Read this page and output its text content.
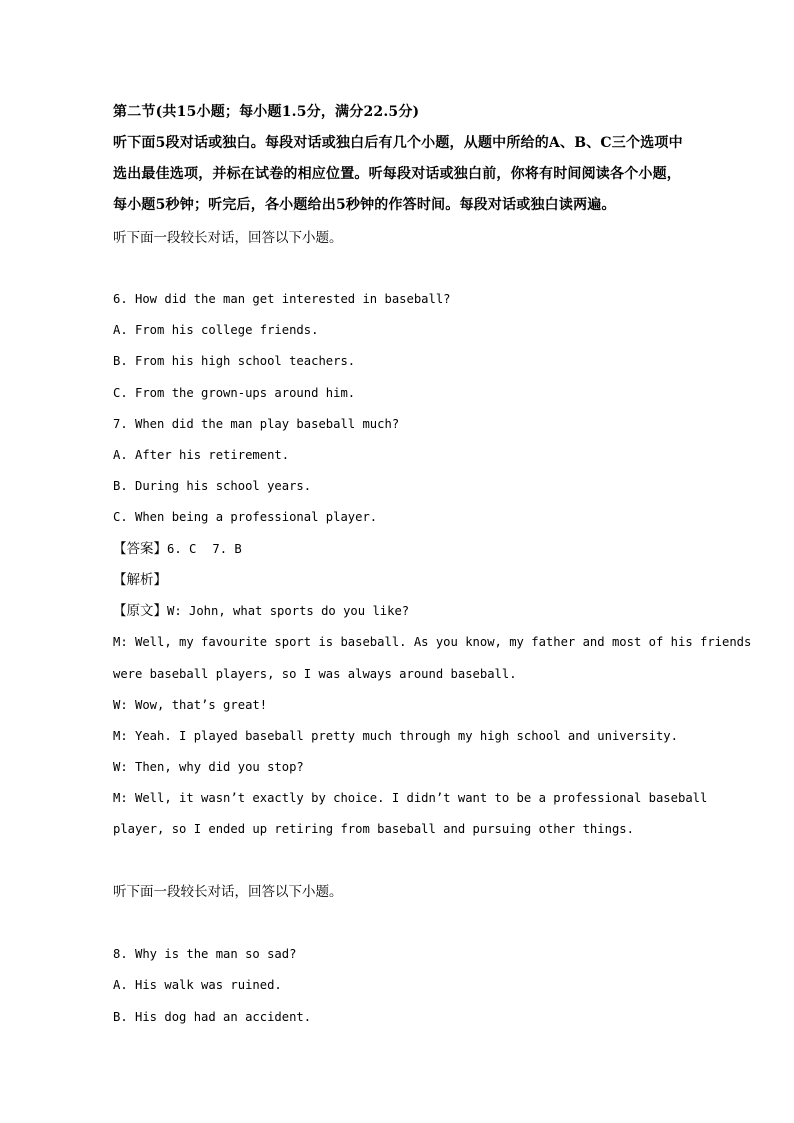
第二节(共15小题；每小题1.5分，满分22.5分)
听下面5段对话或独白。每段对话或独白后有几个小题，从题中所给的A、B、C三个选项中
选出最佳选项，并标在试卷的相应位置。听每段对话或独白前，你将有时间阅读各个小题，
每小题5秒钟；听完后，各小题给出5秒钟的作答时间。每段对话或独白读两遍。
听下面一段较长对话，回答以下小题。
6. How did the man get interested in baseball?
A. From his college friends.
B. From his high school teachers.
C. From the grown-ups around him.
7. When did the man play baseball much?
A. After his retirement.
B. During his school years.
C. When being a professional player.
【答案】6. C 7. B
【解析】
【原文】W: John, what sports do you like?
M: Well, my favourite sport is baseball. As you know, my father and most of his friends
were baseball players, so I was always around baseball.
W: Wow, that’s great!
M: Yeah. I played baseball pretty much through my high school and university.
W: Then, why did you stop?
M: Well, it wasn’t exactly by choice. I didn’t want to be a professional baseball
player, so I ended up retiring from baseball and pursuing other things.
听下面一段较长对话，回答以下小题。
8. Why is the man so sad?
A. His walk was ruined.
B. His dog had an accident.
